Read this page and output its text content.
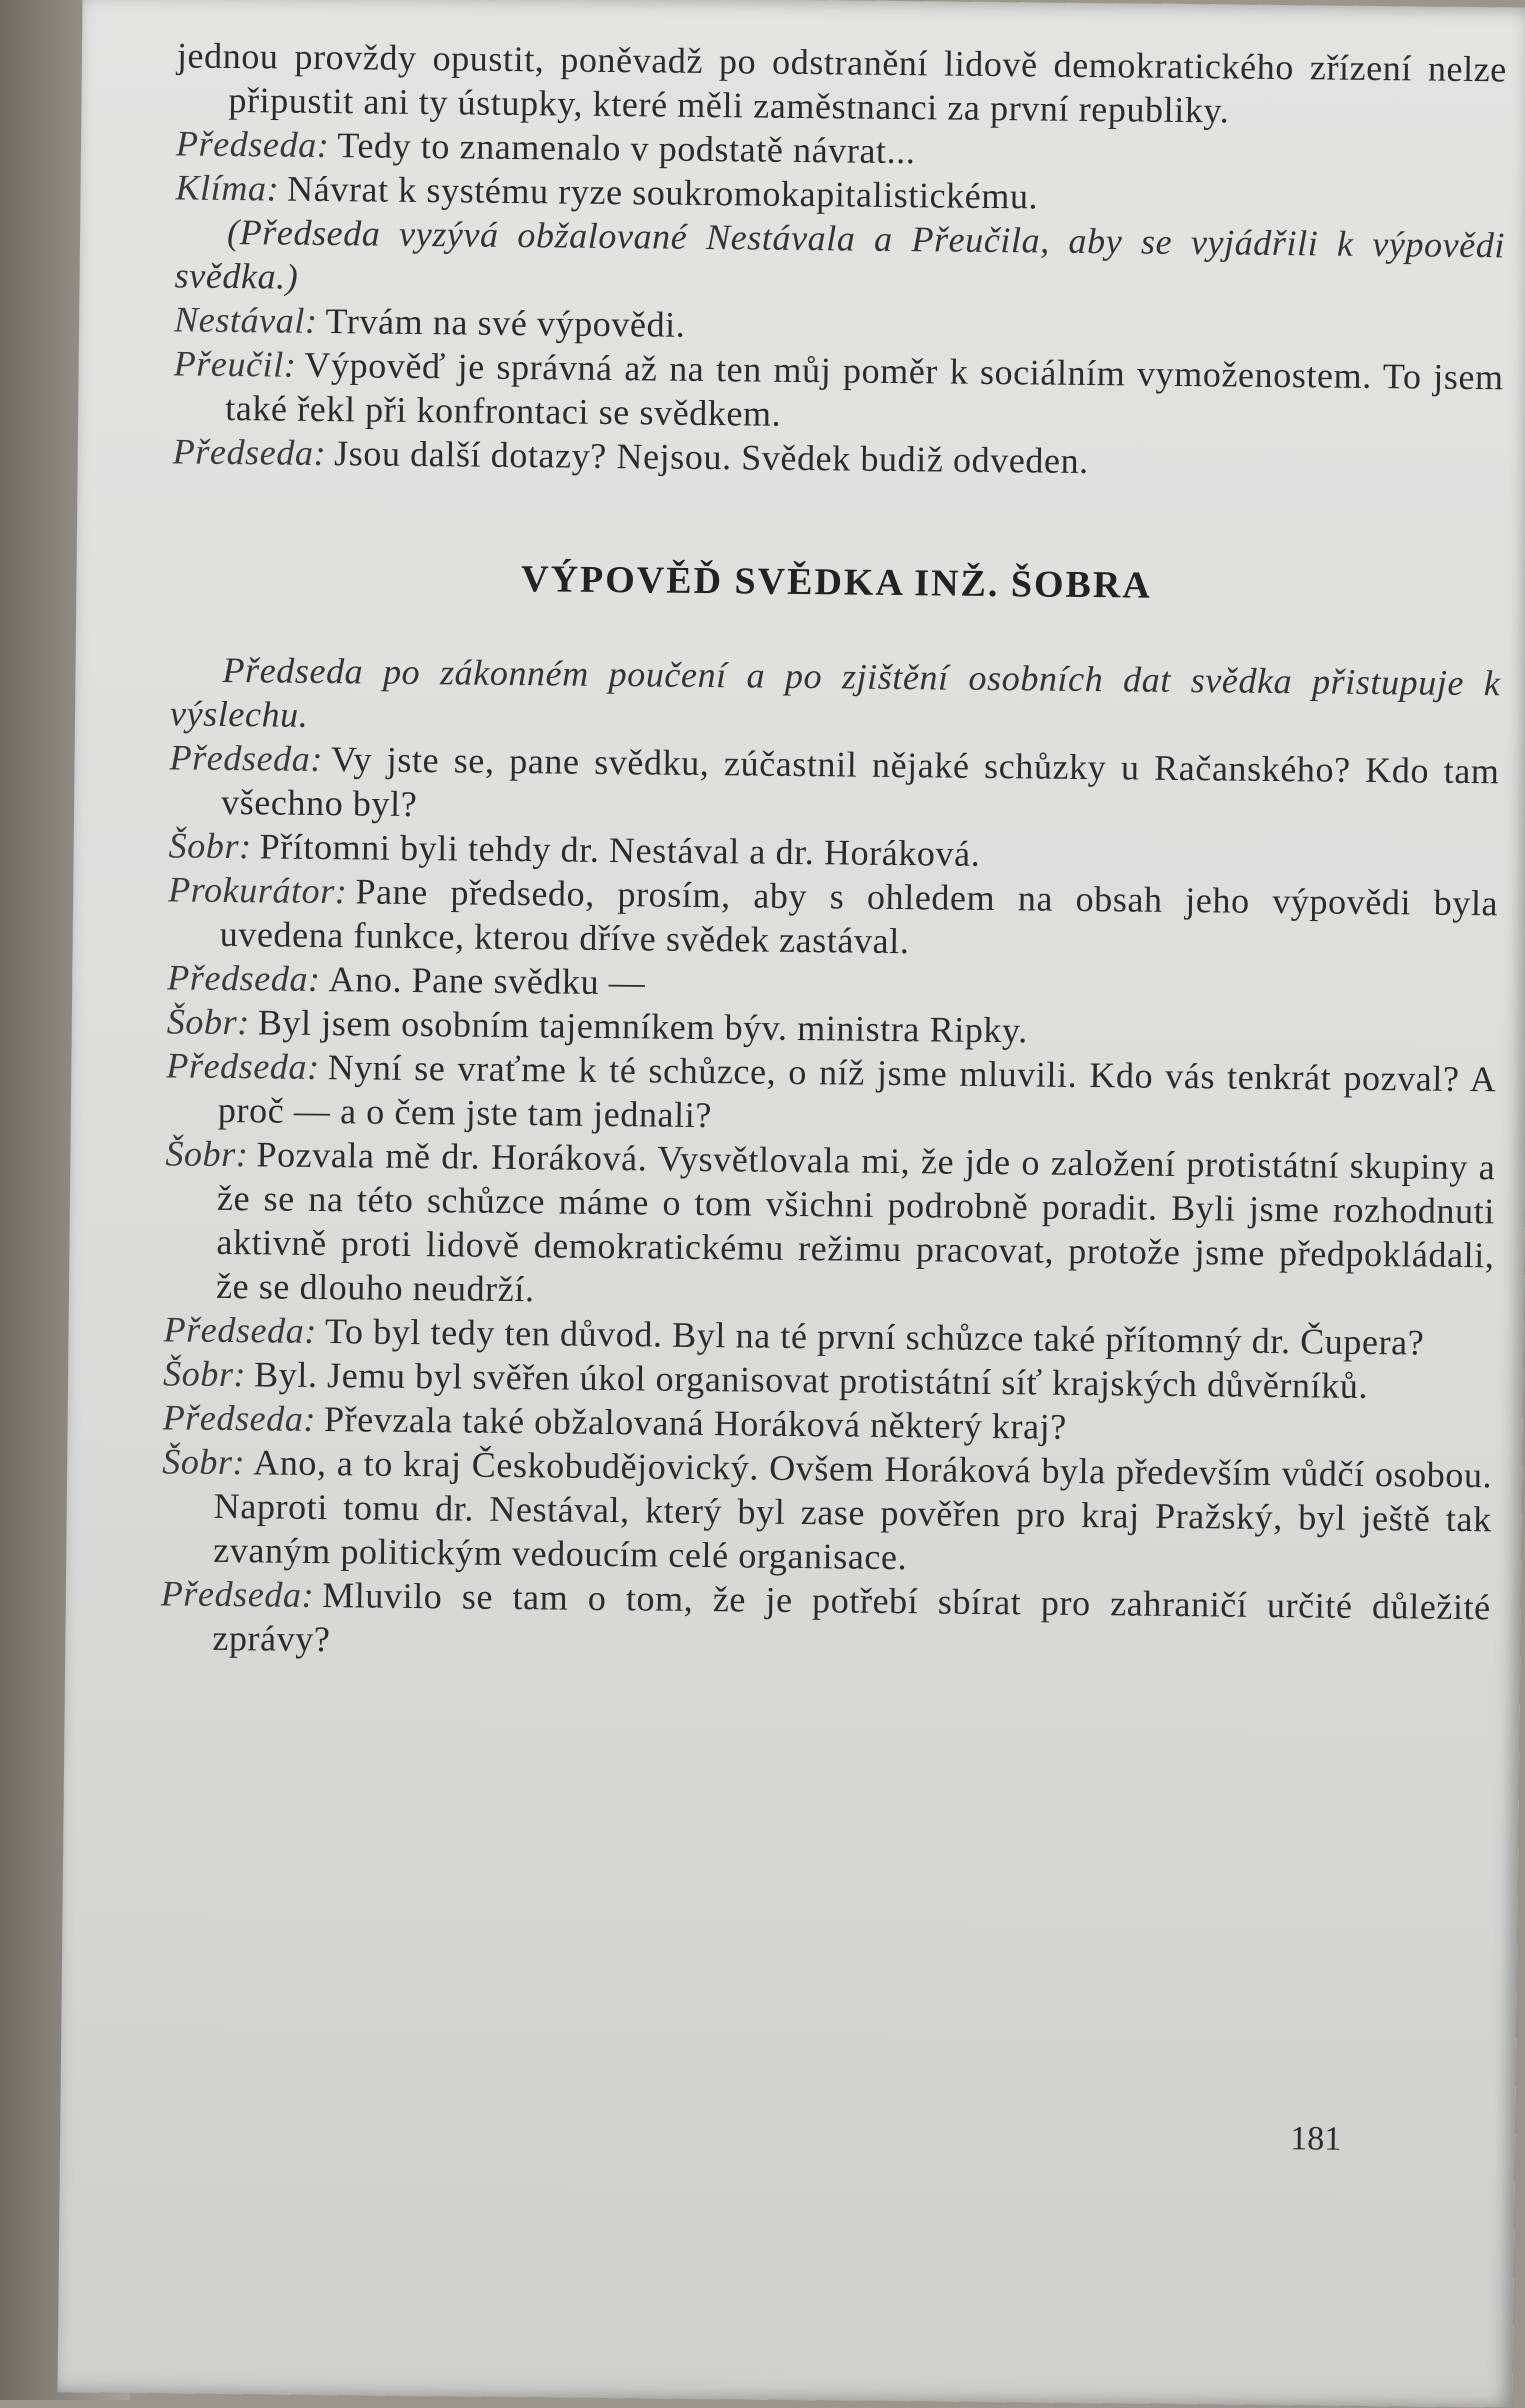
jednou provždy opustit, poněvadž po odstranění lidově demokratického zřízení nelze připustit ani ty ústupky, které měli zaměstnanci za první republiky.

Předseda: Tedy to znamenalo v podstatě návrat...

Klíma: Návrat k systému ryze soukromokapitalistickému.

(Předseda vyzývá obžalované Nestávala a Přeučila, aby se vyjádřili k výpovědi svědka.)

Nestával: Trvám na své výpovědi.

Přeučil: Výpověď je správná až na ten můj poměr k sociálním vymoženostem. To jsem také řekl při konfrontaci se svědkem.

Předseda: Jsou další dotazy? Nejsou. Svědek budiž odveden.

VÝPOVĚĎ SVĚDKA INŽ. ŠOBRA

Předseda po zákonném poučení a po zjištění osobních dat svědka přistupuje k výslechu.

Předseda: Vy jste se, pane svědku, zúčastnil nějaké schůzky u Račanského? Kdo tam všechno byl?

Šobr: Přítomni byli tehdy dr. Nestával a dr. Horáková.

Prokurátor: Pane předsedo, prosím, aby s ohledem na obsah jeho výpovědi byla uvedena funkce, kterou dříve svědek zastával.

Předseda: Ano. Pane svědku —

Šobr: Byl jsem osobním tajemníkem býv. ministra Ripky.

Předseda: Nyní se vraťme k té schůzce, o níž jsme mluvili. Kdo vás tenkrát pozval? A proč — a o čem jste tam jednali?

Šobr: Pozvala mě dr. Horáková. Vysvětlovala mi, že jde o založení protistátní skupiny a že se na této schůzce máme o tom všichni podrobně poradit. Byli jsme rozhodnuti aktivně proti lidově demokratickému režimu pracovat, protože jsme předpokládali, že se dlouho neudrží.

Předseda: To byl tedy ten důvod. Byl na té první schůzce také přítomný dr. Čupera?

Šobr: Byl. Jemu byl svěřen úkol organisovat protistátní síť krajských důvěrníků.

Předseda: Převzala také obžalovaná Horáková některý kraj?

Šobr: Ano, a to kraj Českobudějovický. Ovšem Horáková byla především vůdčí osobou. Naproti tomu dr. Nestával, který byl zase pověřen pro kraj Pražský, byl ještě tak zvaným politickým vedoucím celé organisace.

Předseda: Mluvilo se tam o tom, že je potřebí sbírat pro zahraničí určité důležité zprávy?

181
